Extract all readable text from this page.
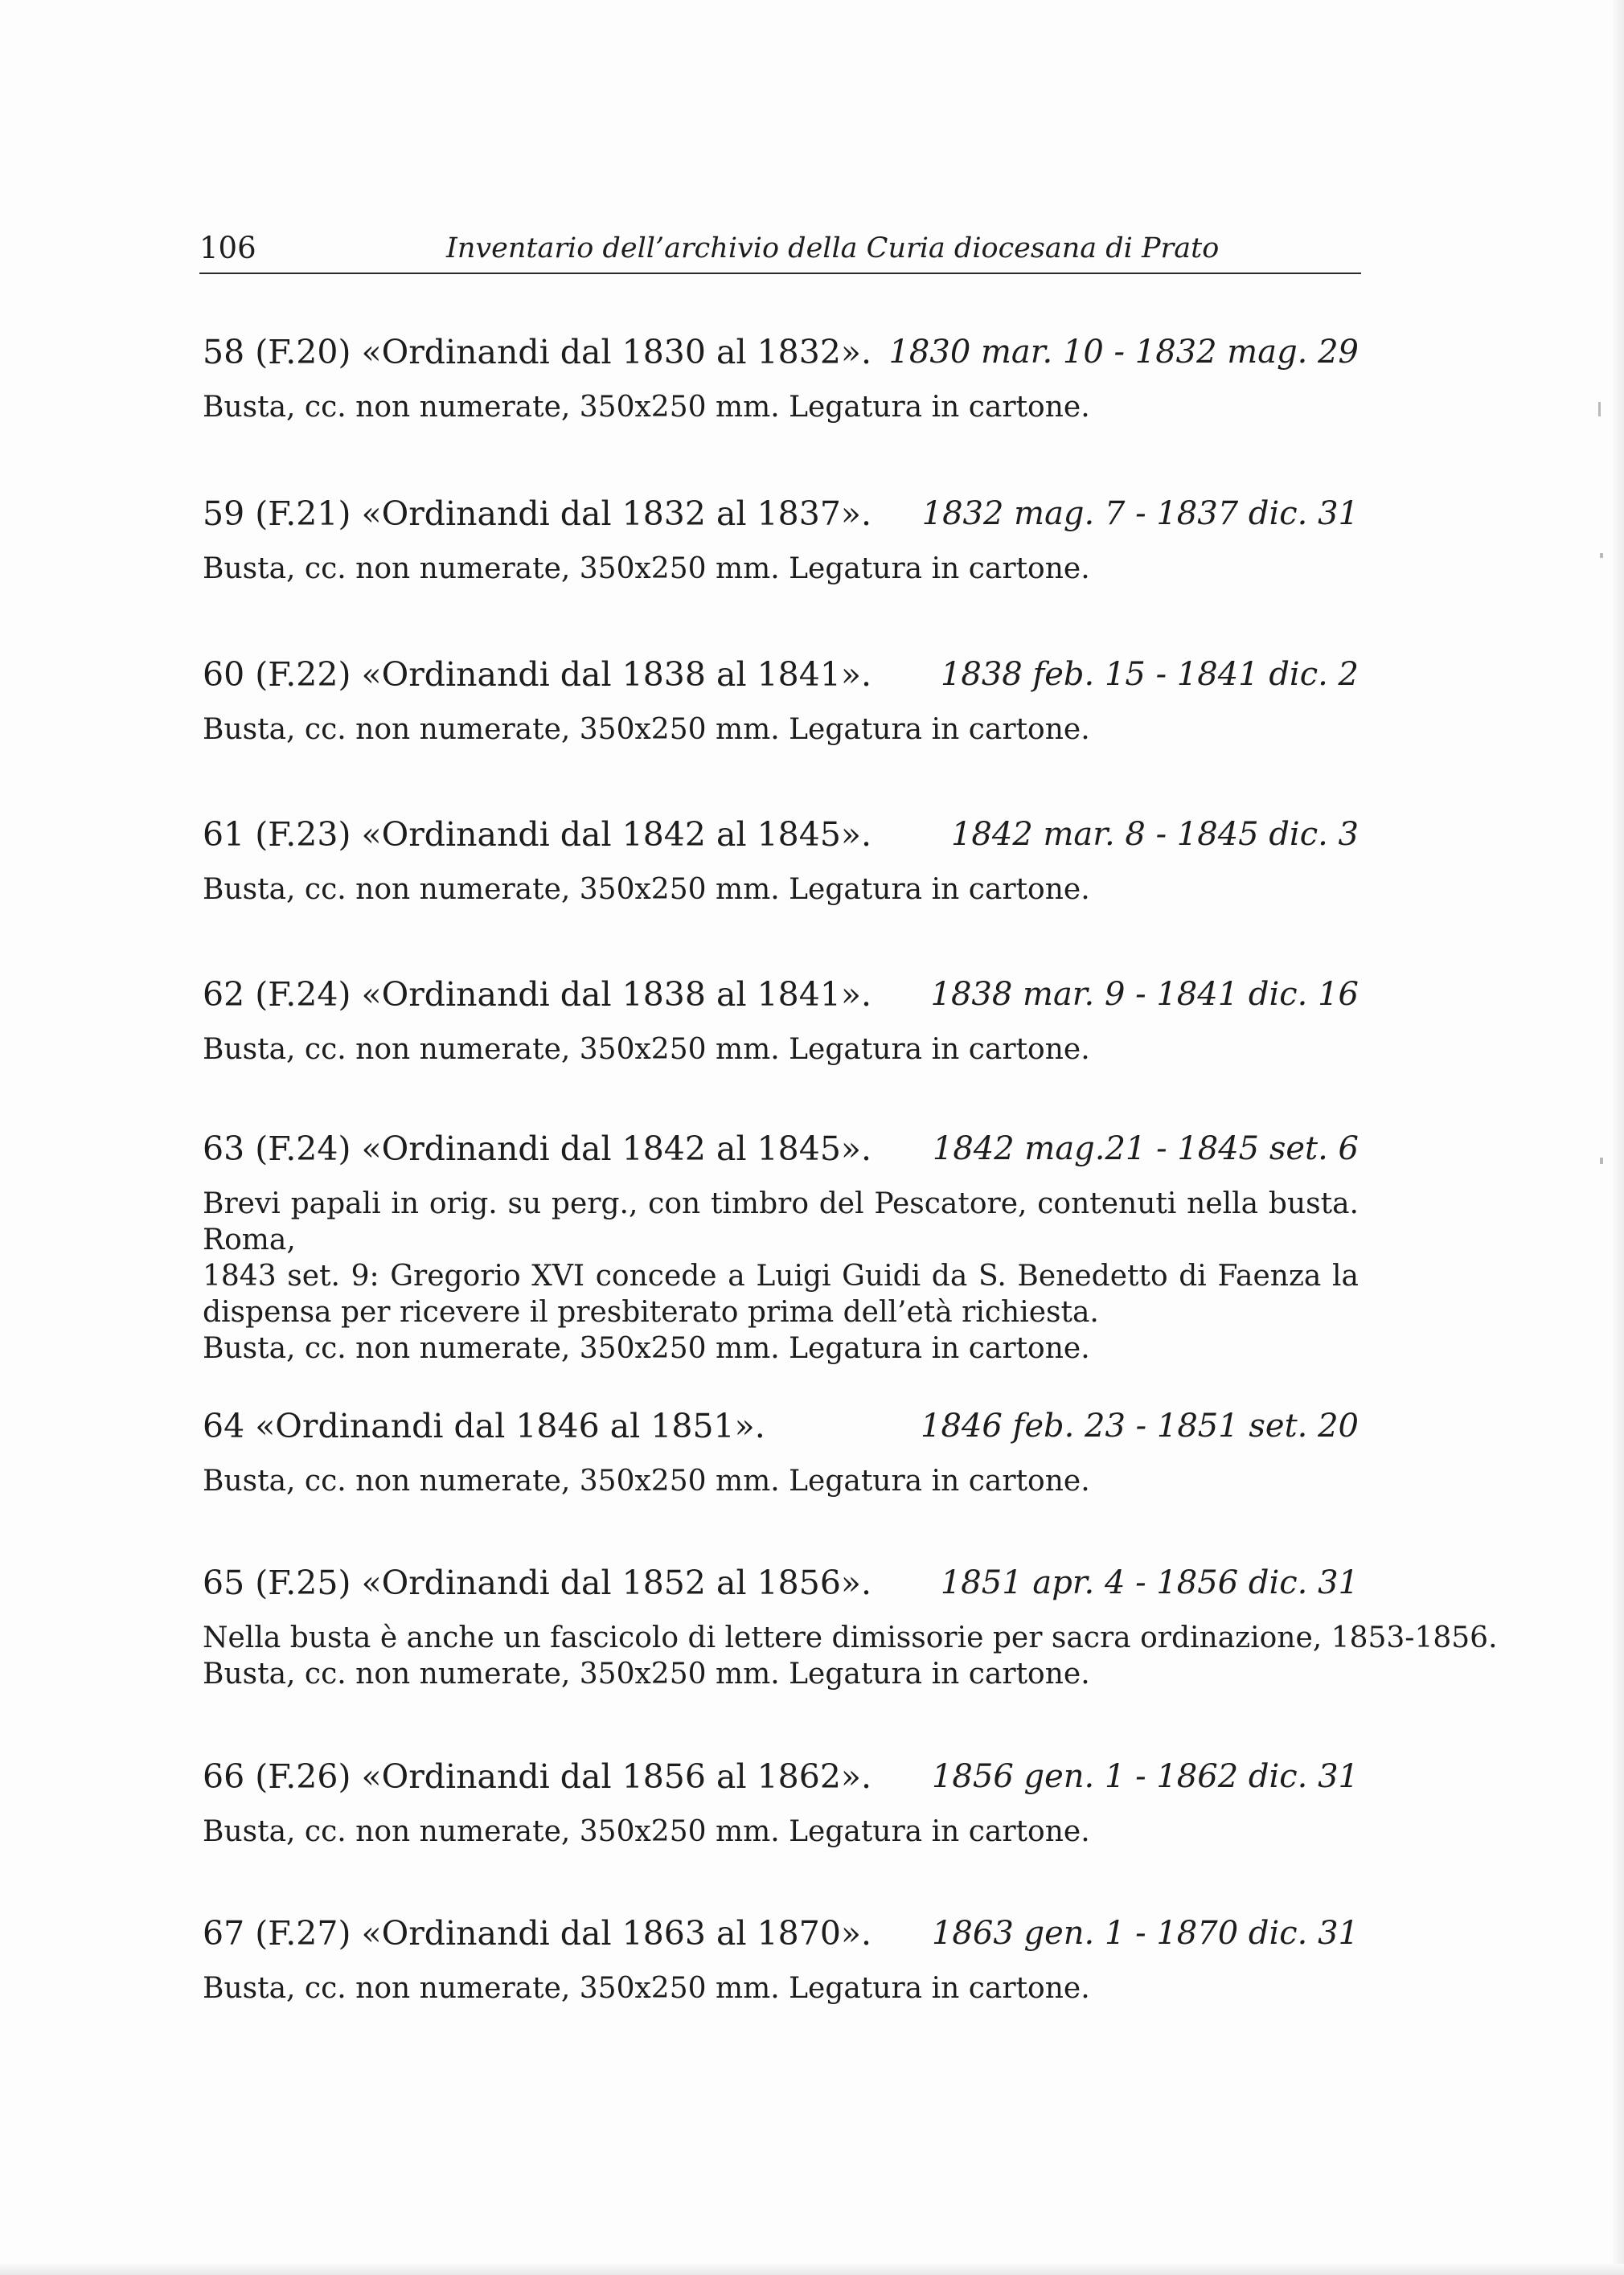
106	Inventario dell’archivio della Curia diocesana di Prato
58 (F.20) «Ordinandi dal 1830 al 1832». 1830 mar. 10 - 1832 mag. 29
Busta, cc. non numerate, 350x250 mm. Legatura in cartone.
59 (F.21) «Ordinandi dal 1832 al 1837». 1832 mag. 7 - 1837 dic. 31
Busta, cc. non numerate, 350x250 mm. Legatura in cartone.
60 (F.22) «Ordinandi dal 1838 al 1841». 1838 feb. 15 - 1841 dic. 2
Busta, cc. non numerate, 350x250 mm. Legatura in cartone.
61 (F.23) «Ordinandi dal 1842 al 1845». 1842 mar. 8 - 1845 dic. 3
Busta, cc. non numerate, 350x250 mm. Legatura in cartone.
62 (F.24) «Ordinandi dal 1838 al 1841». 1838 mar. 9 - 1841 dic. 16
Busta, cc. non numerate, 350x250 mm. Legatura in cartone.
63 (F.24) «Ordinandi dal 1842 al 1845». 1842 mag.21 - 1845 set. 6
Brevi papali in orig. su perg., con timbro del Pescatore, contenuti nella busta. Roma,
1843 set. 9: Gregorio XVI concede a Luigi Guidi da S. Benedetto di Faenza la
dispensa per ricevere il presbiterato prima dell’età richiesta.
Busta, cc. non numerate, 350x250 mm. Legatura in cartone.
64 «Ordinandi dal 1846 al 1851».	1846 feb. 23 - 1851 set. 20
Busta, cc. non numerate, 350x250 mm. Legatura in cartone.
65 (F.25) «Ordinandi dal 1852 al 1856». 1851 apr. 4 - 1856 dic. 31
Nella busta è anche un fascicolo di lettere dimissorie per sacra ordinazione, 1853-1856.
Busta, cc. non numerate, 350x250 mm. Legatura in cartone.
66 (F.26) «Ordinandi dal 1856 al 1862». 1856 gen. 1 - 1862 dic. 31
Busta, cc. non numerate, 350x250 mm. Legatura in cartone.
67 (F.27) «Ordinandi dal 1863 al 1870». 1863 gen. 1 - 1870 dic. 31
Busta, cc. non numerate, 350x250 mm. Legatura in cartone.
